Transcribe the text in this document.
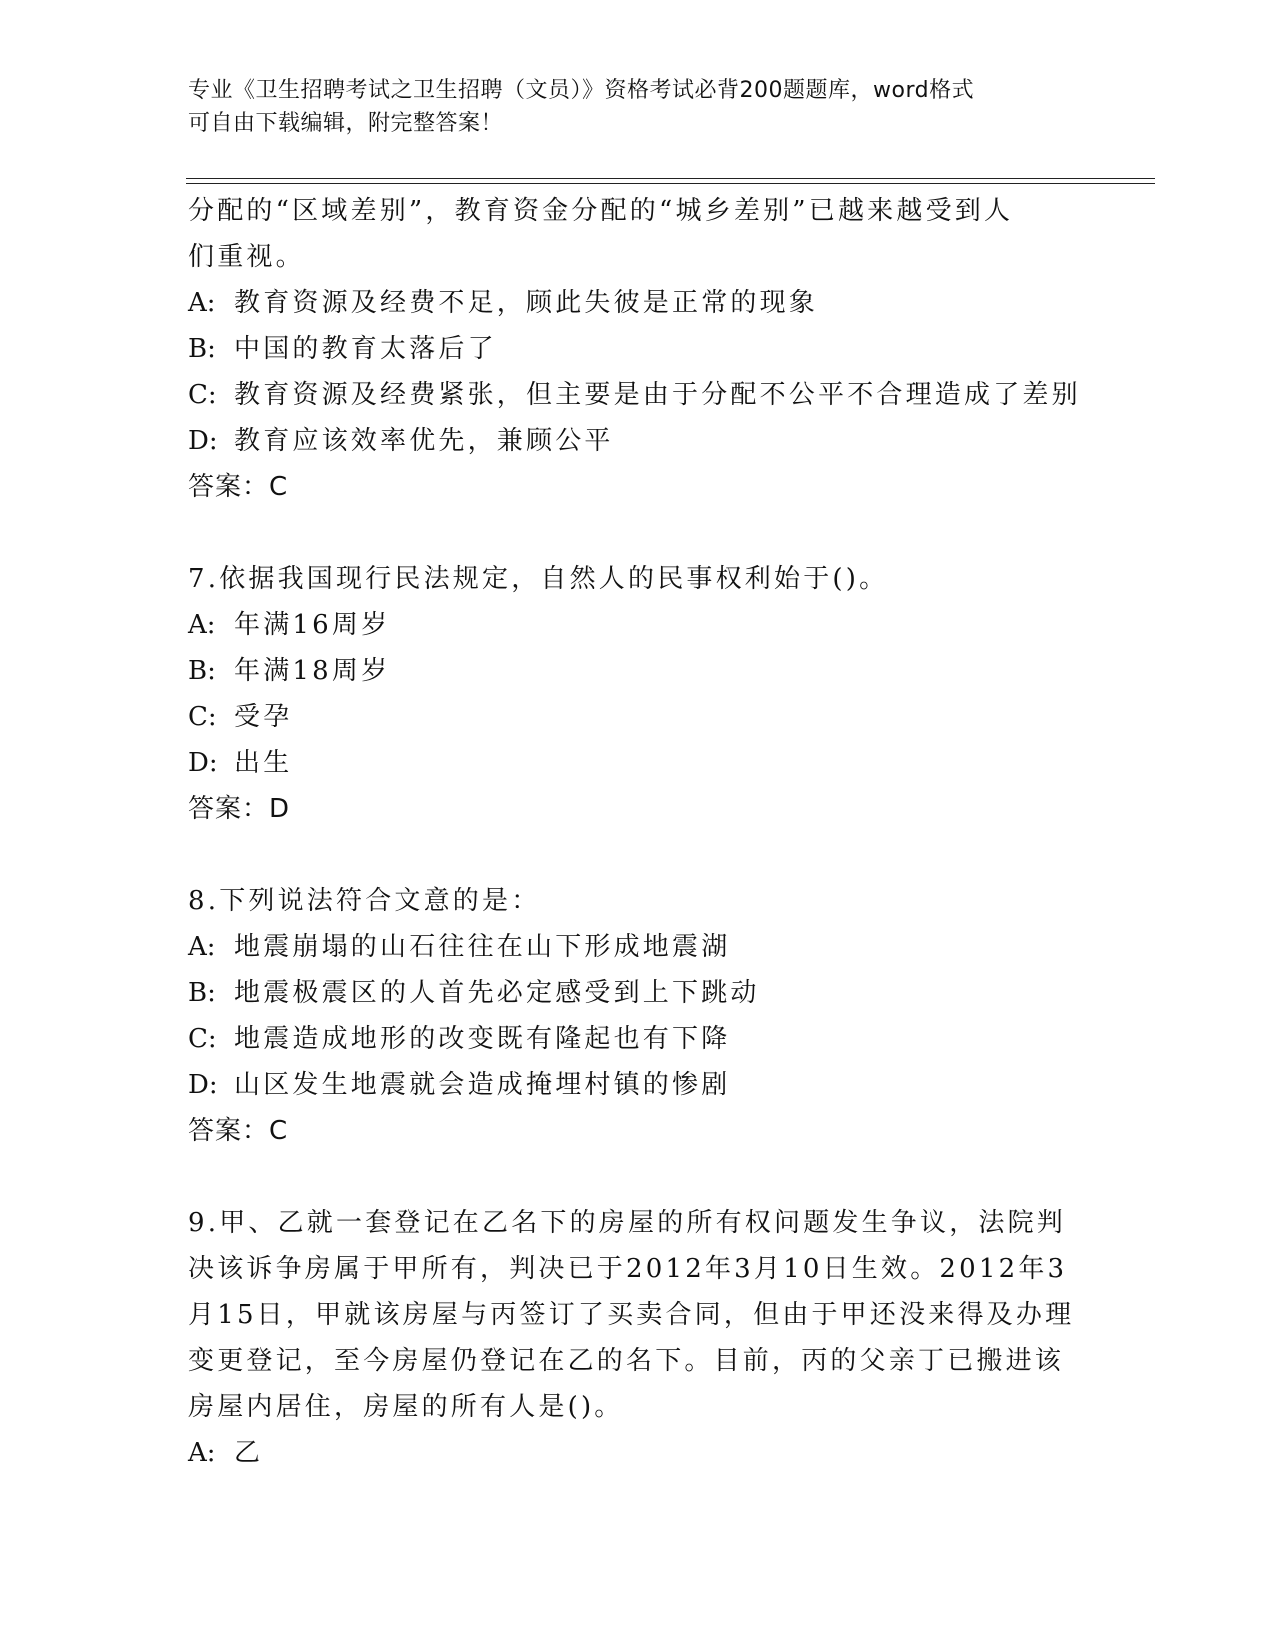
专业《卫生招聘考试之卫生招聘（文员）》资格考试必背200题题库，word格式
可自由下载编辑，附完整答案！
分配的“区域差别”，教育资金分配的“城乡差别”已越来越受到人
们重视。
A: 教育资源及经费不足，顾此失彼是正常的现象
B: 中国的教育太落后了
C: 教育资源及经费紧张，但主要是由于分配不公平不合理造成了差别
D: 教育应该效率优先，兼顾公平
答案：C
7.依据我国现行民法规定，自然人的民事权利始于()。
A: 年满16周岁
B: 年满18周岁
C: 受孕
D: 出生
答案：D
8.下列说法符合文意的是：
A: 地震崩塌的山石往往在山下形成地震湖
B: 地震极震区的人首先必定感受到上下跳动
C: 地震造成地形的改变既有隆起也有下降
D: 山区发生地震就会造成掩埋村镇的惨剧
答案：C
9.甲、乙就一套登记在乙名下的房屋的所有权问题发生争议，法院判
决该诉争房属于甲所有，判决已于2012年3月10日生效。2012年3
月15日，甲就该房屋与丙签订了买卖合同，但由于甲还没来得及办理
变更登记，至今房屋仍登记在乙的名下。目前，丙的父亲丁已搬进该
房屋内居住，房屋的所有人是()。
A: 乙
